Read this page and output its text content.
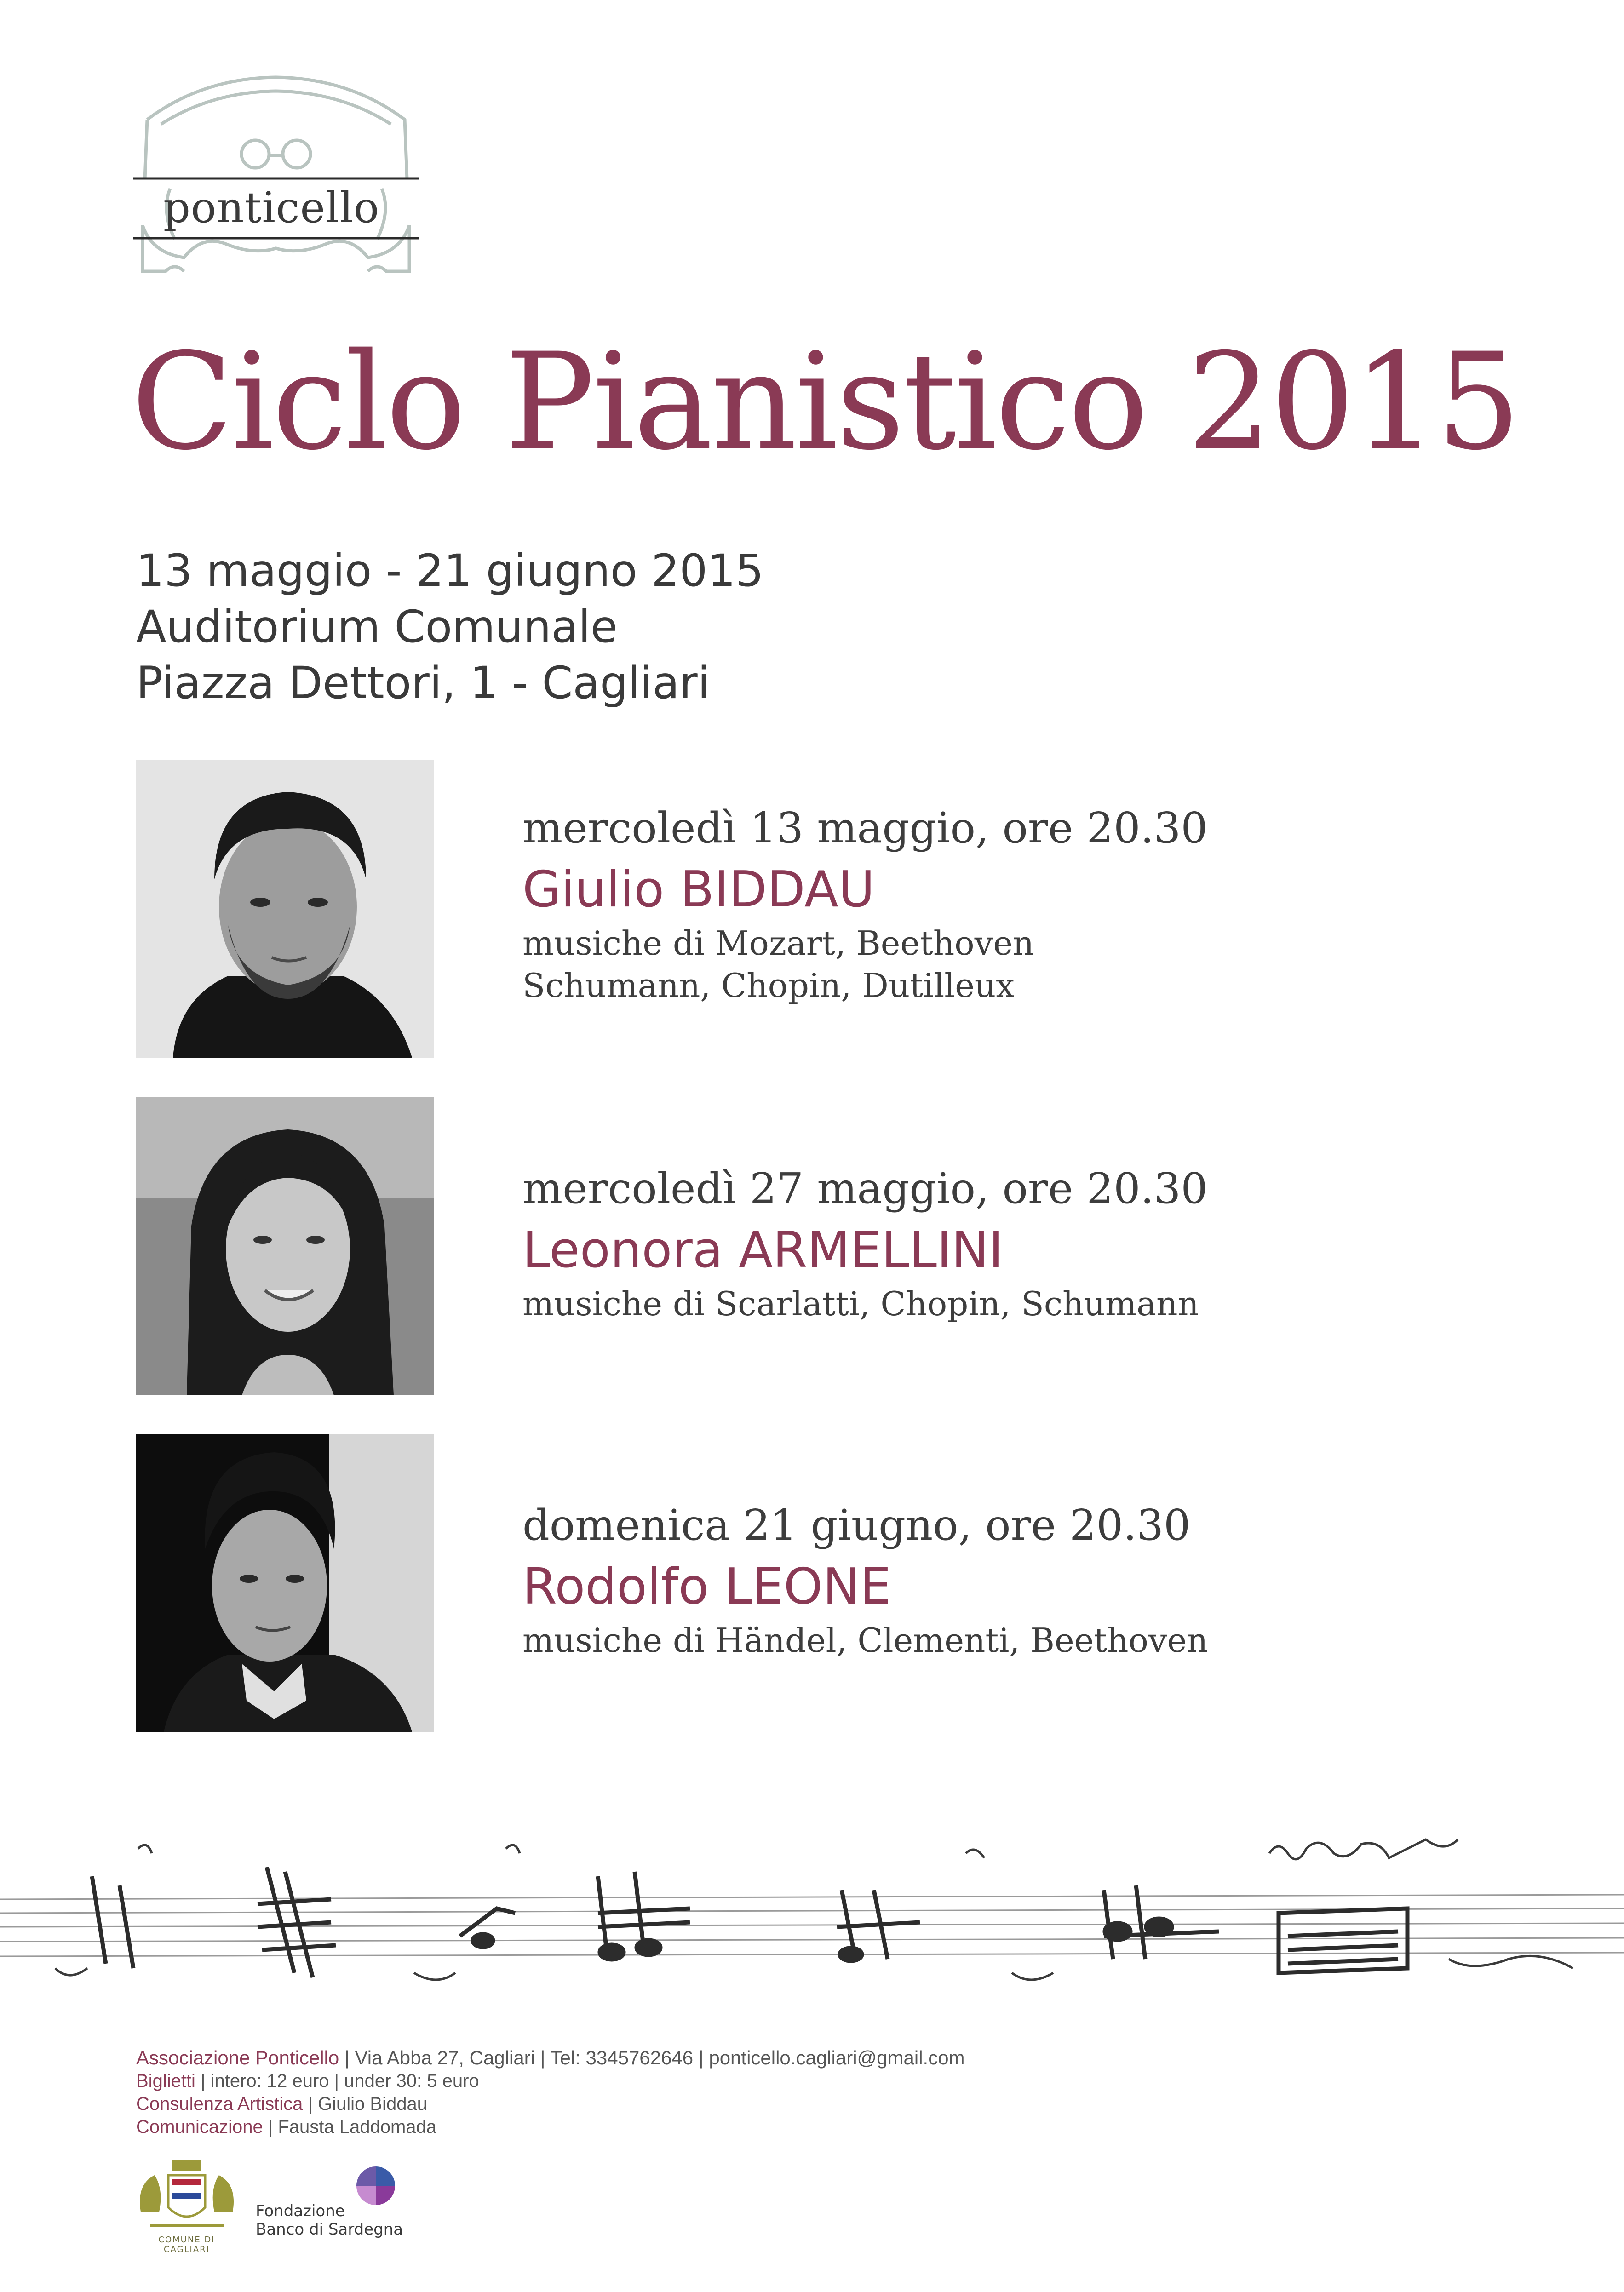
ponticello
Ciclo Pianistico 2015
13 maggio - 21 giugno 2015
Auditorium Comunale
Piazza Dettori, 1 - Cagliari
mercoledì 13 maggio, ore 20.30
Giulio BIDDAU
musiche di Mozart, Beethoven
Schumann, Chopin, Dutilleux
mercoledì 27 maggio, ore 20.30
Leonora ARMELLINI
musiche di Scarlatti, Chopin, Schumann
domenica 21 giugno, ore 20.30
Rodolfo LEONE
musiche di Händel, Clementi, Beethoven
Associazione Ponticello | Via Abba 27, Cagliari | Tel: 3345762646 | ponticello.cagliari@gmail.com
Biglietti | intero: 12 euro | under 30: 5 euro
Consulenza Artistica | Giulio Biddau
Comunicazione | Fausta Laddomada
COMUNE DI CAGLIARI
Fondazione
Banco di Sardegna
